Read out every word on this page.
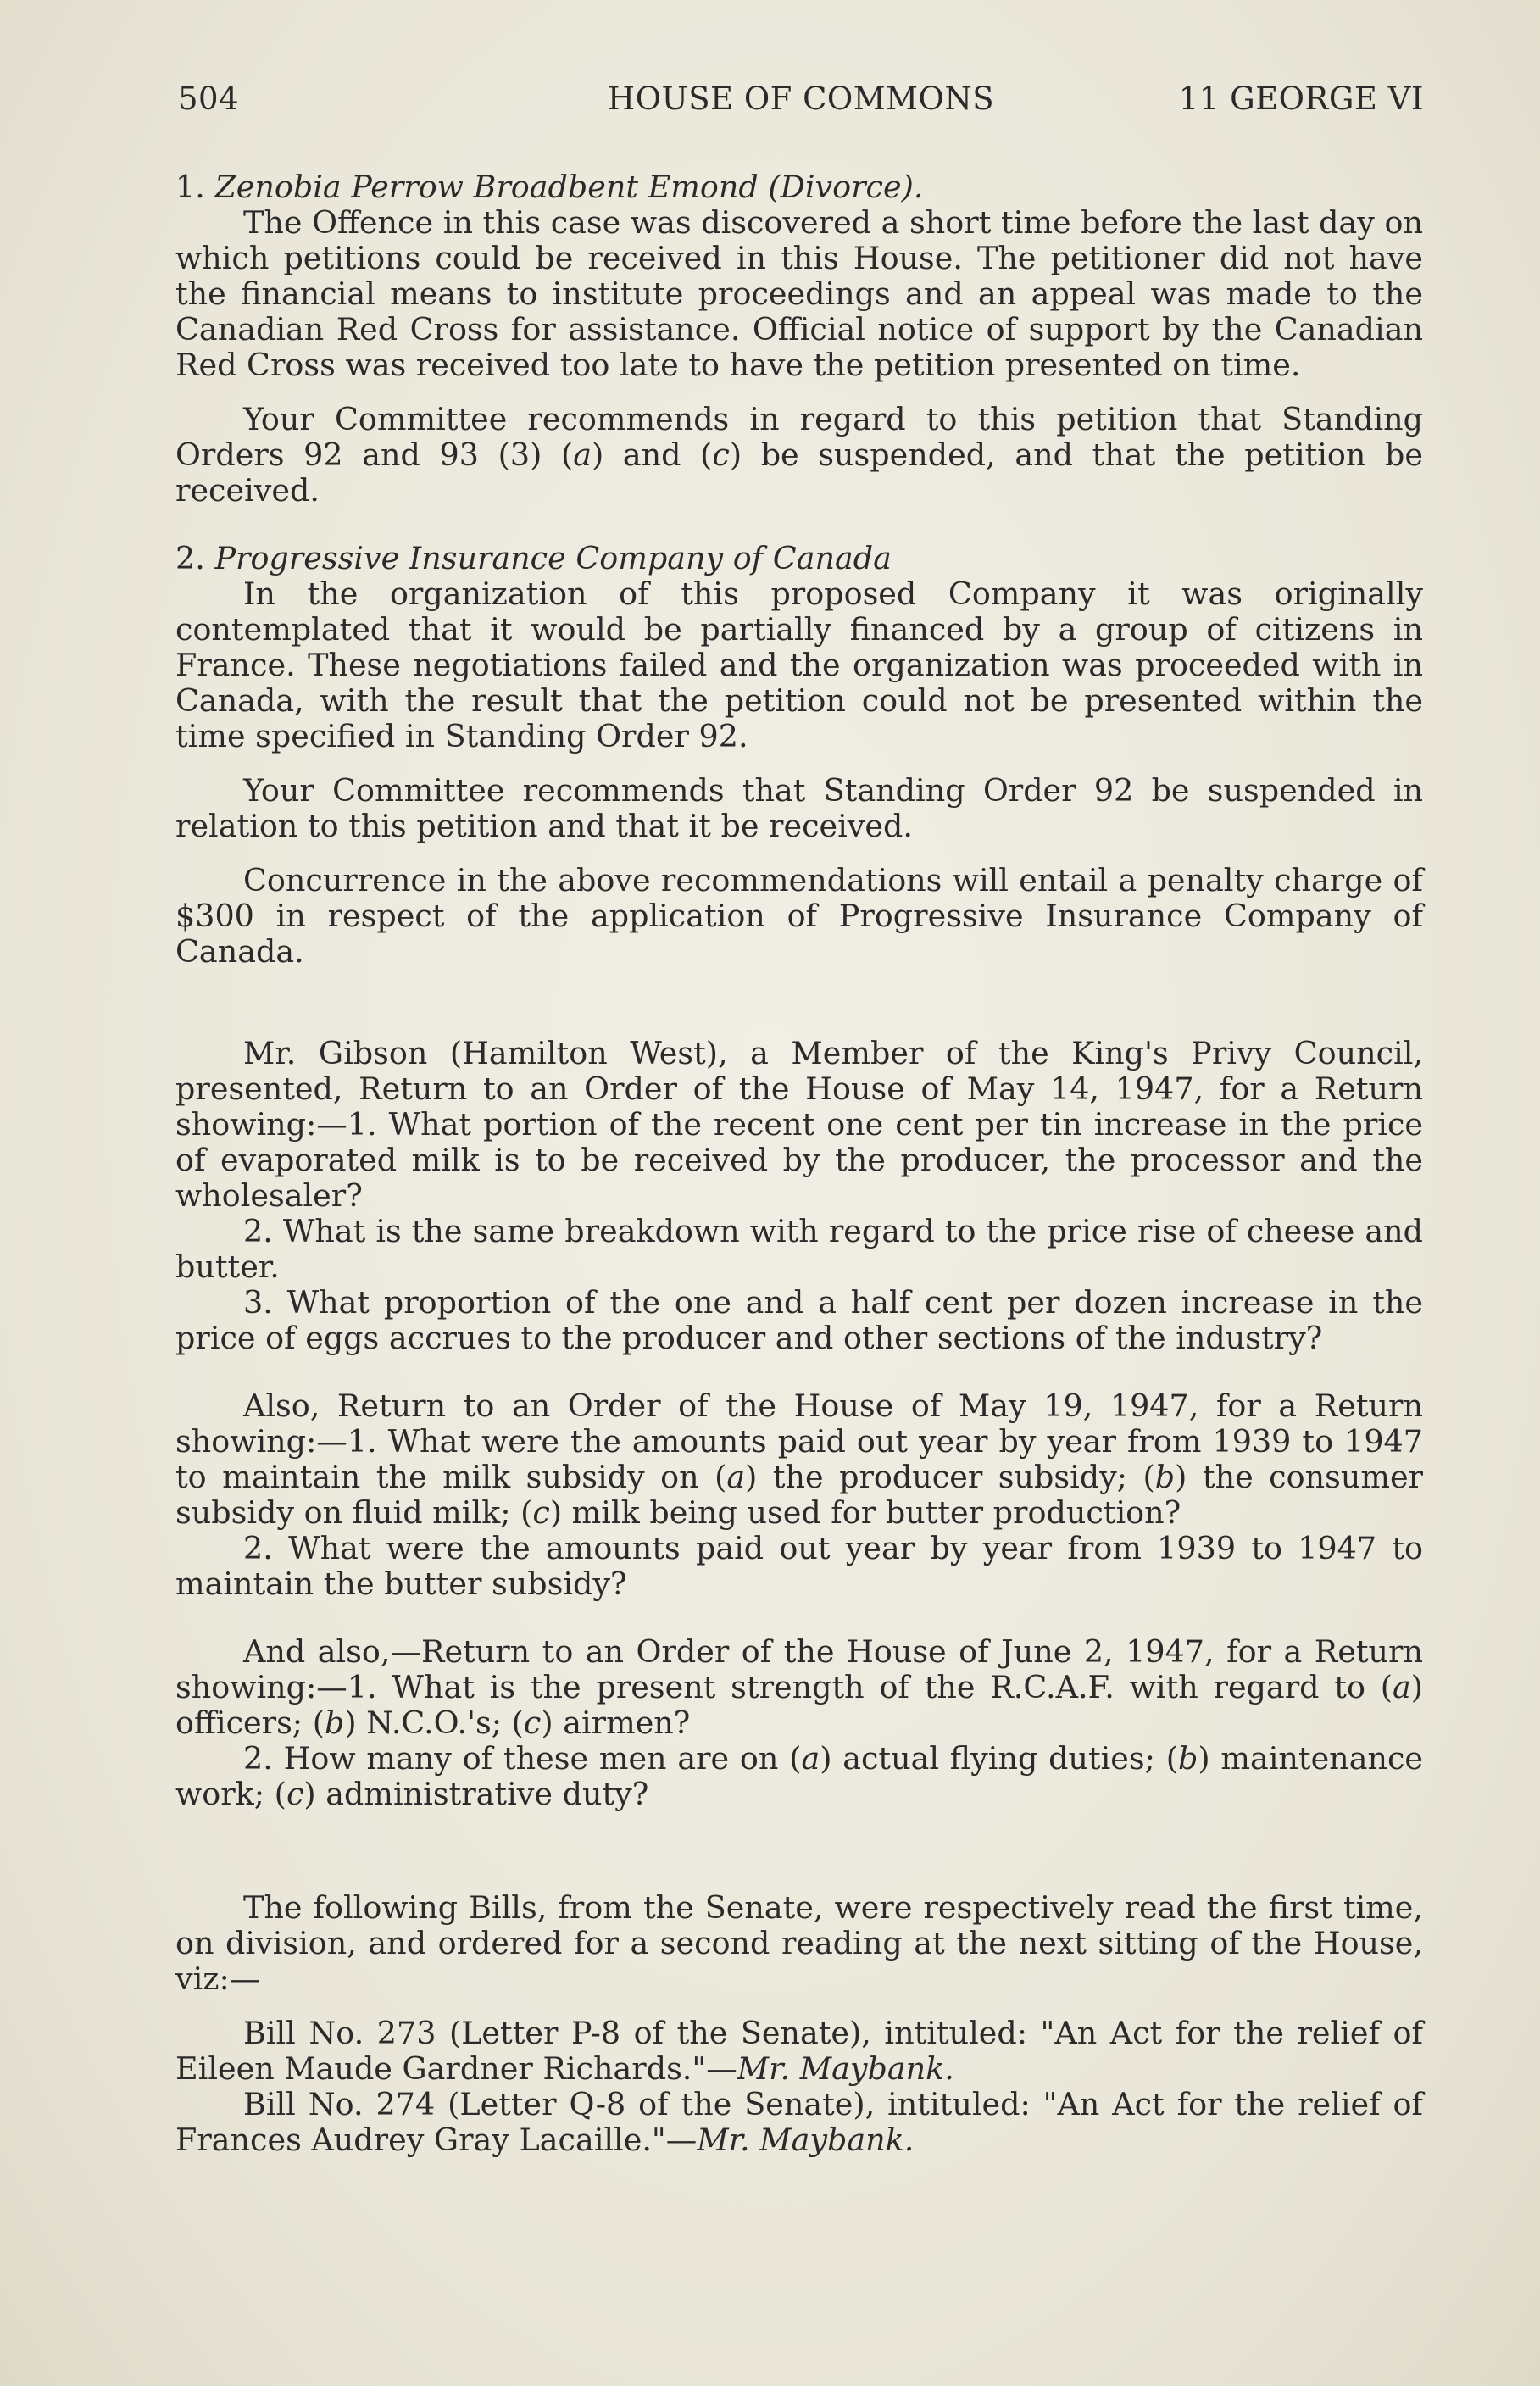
504	HOUSE OF COMMONS	11 GEORGE VI

1. Zenobia Perrow Broadbent Emond (Divorce).

The Offence in this case was discovered a short time before the last day on which petitions could be received in this House. The petitioner did not have the financial means to institute proceedings and an appeal was made to the Canadian Red Cross for assistance. Official notice of support by the Canadian Red Cross was received too late to have the petition presented on time.

Your Committee recommends in regard to this petition that Standing Orders 92 and 93 (3) (a) and (c) be suspended, and that the petition be received.

2. Progressive Insurance Company of Canada

In the organization of this proposed Company it was originally contemplated that it would be partially financed by a group of citizens in France. These negotiations failed and the organization was proceeded with in Canada, with the result that the petition could not be presented within the time specified in Standing Order 92.

Your Committee recommends that Standing Order 92 be suspended in relation to this petition and that it be received.

Concurrence in the above recommendations will entail a penalty charge of $300 in respect of the application of Progressive Insurance Company of Canada.

Mr. Gibson (Hamilton West), a Member of the King's Privy Council, presented, Return to an Order of the House of May 14, 1947, for a Return showing:—1. What portion of the recent one cent per tin increase in the price of evaporated milk is to be received by the producer, the processor and the wholesaler?

2. What is the same breakdown with regard to the price rise of cheese and butter.

3. What proportion of the one and a half cent per dozen increase in the price of eggs accrues to the producer and other sections of the industry?

Also, Return to an Order of the House of May 19, 1947, for a Return showing:—1. What were the amounts paid out year by year from 1939 to 1947 to maintain the milk subsidy on (a) the producer subsidy; (b) the consumer subsidy on fluid milk; (c) milk being used for butter production?

2. What were the amounts paid out year by year from 1939 to 1947 to maintain the butter subsidy?

And also,—Return to an Order of the House of June 2, 1947, for a Return showing:—1. What is the present strength of the R.C.A.F. with regard to (a) officers; (b) N.C.O.'s; (c) airmen?

2. How many of these men are on (a) actual flying duties; (b) maintenance work; (c) administrative duty?

The following Bills, from the Senate, were respectively read the first time, on division, and ordered for a second reading at the next sitting of the House, viz:—

Bill No. 273 (Letter P-8 of the Senate), intituled: "An Act for the relief of Eileen Maude Gardner Richards."—Mr. Maybank.

Bill No. 274 (Letter Q-8 of the Senate), intituled: "An Act for the relief of Frances Audrey Gray Lacaille."—Mr. Maybank.
